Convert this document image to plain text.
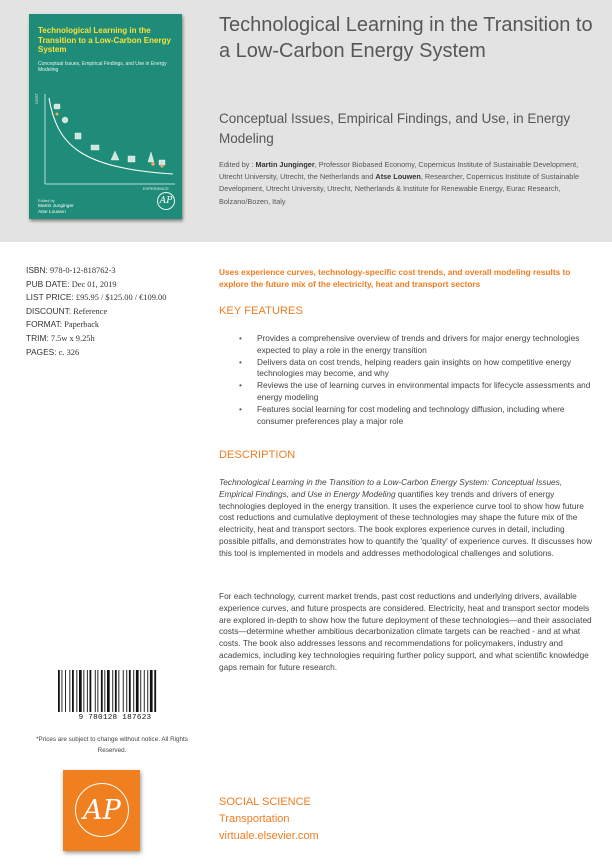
Technological Learning in the Transition to a Low-Carbon Energy System
Conceptual Issues, Empirical Findings, and Use in Energy Modeling
COST
EXPERIENCE
Edited by
Martin Junginger
Atse Louwen
AP
Technological Learning in the Transition to a Low-Carbon Energy System
Conceptual Issues, Empirical Findings, and Use, in Energy Modeling
Edited by : Martin Junginger, Professor Biobased Economy, Copernicus Institute of Sustainable Development, Utrecht University, Utrecht, the Netherlands and Atse Louwen, Researcher, Copernicus Institute of Sustainable Development, Utrecht University, Utrecht, Netherlands & Institute for Renewable Energy, Eurac Research, Bolzano/Bozen, Italy
ISBN: 978-0-12-818762-3
PUB DATE: Dec 01, 2019
LIST PRICE: £95.95 / $125.00 / €109.00
DISCOUNT: Reference
FORMAT: Paperback
TRIM: 7.5w x 9.25h
PAGES: c. 326
9 780128 187623
*Prices are subject to change without notice. All Rights Reserved.
AP
Uses experience curves, technology-specific cost trends, and overall modeling results to explore the future mix of the electricity, heat and transport sectors
KEY FEATURES
• Provides a comprehensive overview of trends and drivers for major energy technologies expected to play a role in the energy transition
• Delivers data on cost trends, helping readers gain insights on how competitive energy technologies may become, and why
• Reviews the use of learning curves in environmental impacts for lifecycle assessments and energy modeling
• Features social learning for cost modeling and technology diffusion, including where consumer preferences play a major role
DESCRIPTION
Technological Learning in the Transition to a Low-Carbon Energy System: Conceptual Issues, Empirical Findings, and Use in Energy Modeling quantifies key trends and drivers of energy technologies deployed in the energy transition. It uses the experience curve tool to show how future cost reductions and cumulative deployment of these technologies may shape the future mix of the electricity, heat and transport sectors. The book explores experience curves in detail, including possible pitfalls, and demonstrates how to quantify the 'quality' of experience curves. It discusses how this tool is implemented in models and addresses methodological challenges and solutions.
For each technology, current market trends, past cost reductions and underlying drivers, available experience curves, and future prospects are considered. Electricity, heat and transport sector models are explored in-depth to show how the future deployment of these technologies—and their associated costs—determine whether ambitious decarbonization climate targets can be reached - and at what costs. The book also addresses lessons and recommendations for policymakers, industry and academics, including key technologies requiring further policy support, and what scientific knowledge gaps remain for future research.
SOCIAL SCIENCE
Transportation
virtuale.elsevier.com
